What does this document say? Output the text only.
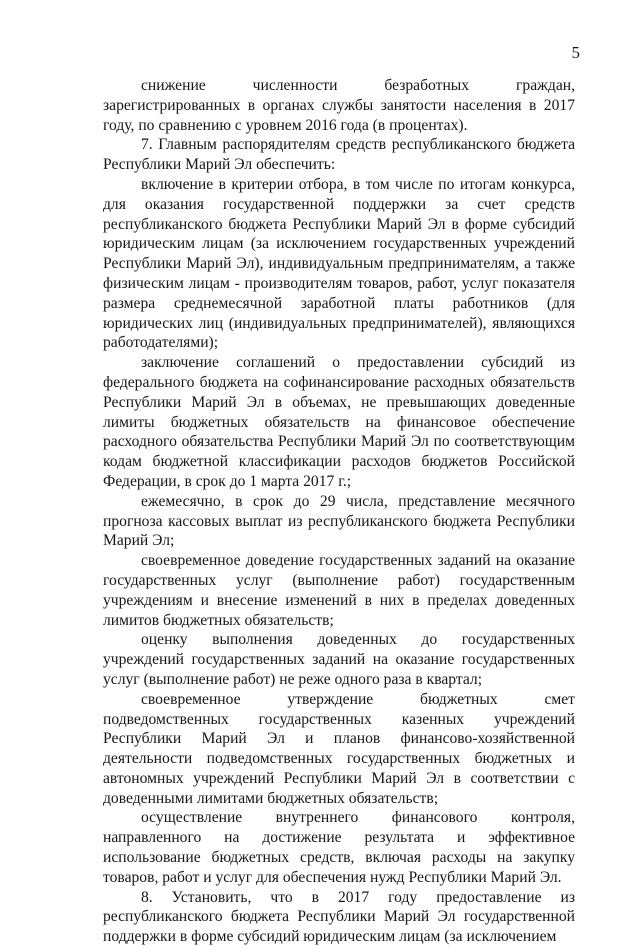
5

снижение численности безработных граждан, зарегистрированных в органах службы занятости населения в 2017 году, по сравнению с уровнем 2016 года (в процентах).

7. Главным распорядителям средств республиканского бюджета Республики Марий Эл обеспечить:

включение в критерии отбора, в том числе по итогам конкурса, для оказания государственной поддержки за счет средств республиканского бюджета Республики Марий Эл в форме субсидий юридическим лицам (за исключением государственных учреждений Республики Марий Эл), индивидуальным предпринимателям, а также физическим лицам - производителям товаров, работ, услуг показателя размера среднемесячной заработной платы работников (для юридических лиц (индивидуальных предпринимателей), являющихся работодателями);

заключение соглашений о предоставлении субсидий из федерального бюджета на софинансирование расходных обязательств Республики Марий Эл в объемах, не превышающих доведенные лимиты бюджетных обязательств на финансовое обеспечение расходного обязательства Республики Марий Эл по соответствующим кодам бюджетной классификации расходов бюджетов Российской Федерации, в срок до 1 марта 2017 г.;

ежемесячно, в срок до 29 числа, представление месячного прогноза кассовых выплат из республиканского бюджета Республики Марий Эл;

своевременное доведение государственных заданий на оказание государственных услуг (выполнение работ) государственным учреждениям и внесение изменений в них в пределах доведенных лимитов бюджетных обязательств;

оценку выполнения доведенных до государственных учреждений государственных заданий на оказание государственных услуг (выполнение работ) не реже одного раза в квартал;

своевременное утверждение бюджетных смет подведомственных государственных казенных учреждений Республики Марий Эл и планов финансово-хозяйственной деятельности подведомственных государственных бюджетных и автономных учреждений Республики Марий Эл в соответствии с доведенными лимитами бюджетных обязательств;

осуществление внутреннего финансового контроля, направленного на достижение результата и эффективное использование бюджетных средств, включая расходы на закупку товаров, работ и услуг для обеспечения нужд Республики Марий Эл.

8. Установить, что в 2017 году предоставление из республиканского бюджета Республики Марий Эл государственной поддержки в форме субсидий юридическим лицам (за исключением
